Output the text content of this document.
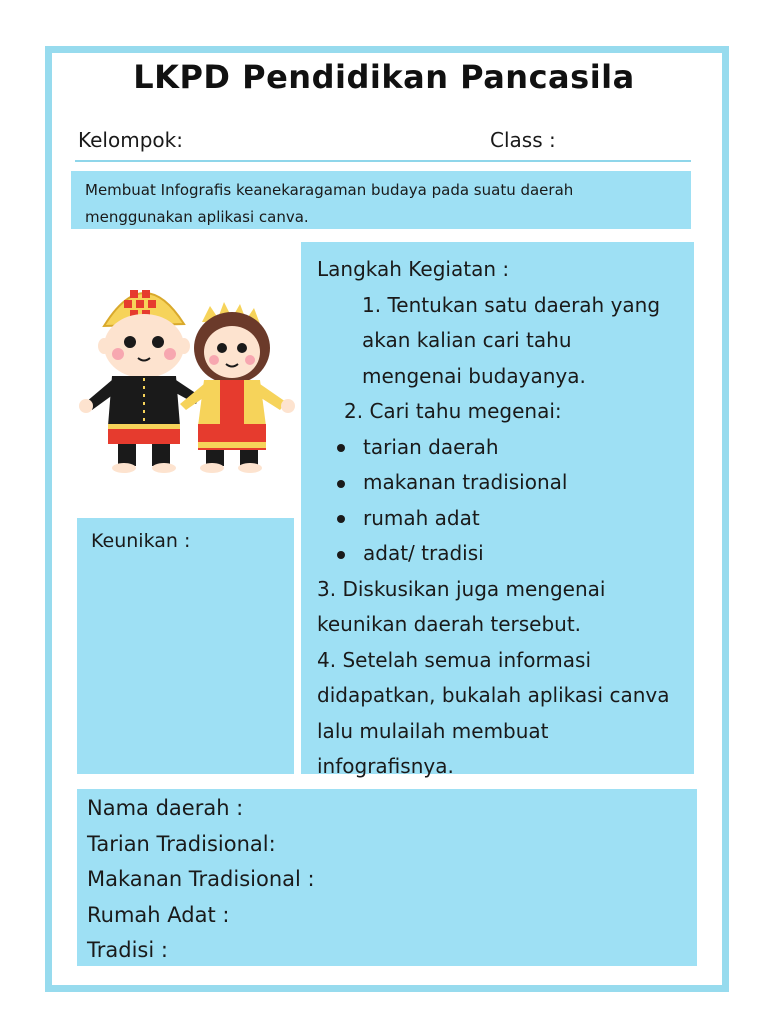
LKPD Pendidikan Pancasila
Kelompok:	Class :
Membuat Infografis keanekaragaman budaya pada suatu daerah
menggunakan aplikasi canva.
Langkah Kegiatan :
1. Tentukan satu daerah yang
akan kalian cari tahu
mengenai budayanya.
2. Cari tahu megenai:
tarian daerah
makanan tradisional
rumah adat
adat/ tradisi
3. Diskusikan juga mengenai
keunikan daerah tersebut.
4. Setelah semua informasi
didapatkan, bukalah aplikasi canva
lalu mulailah membuat
infografisnya.
Keunikan :
Nama daerah :
Tarian Tradisional:
Makanan Tradisional :
Rumah Adat :
Tradisi :
